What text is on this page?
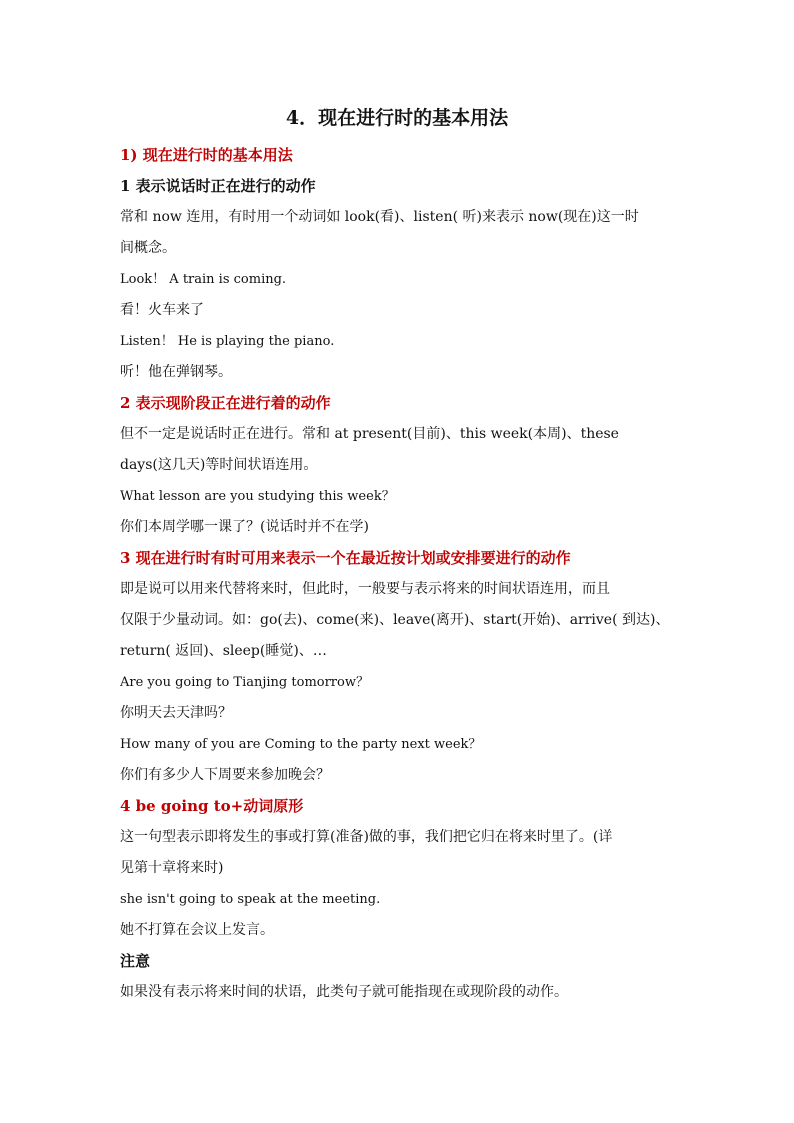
4．现在进行时的基本用法
1) 现在进行时的基本用法
1 表示说话时正在进行的动作
常和 now 连用，有时用一个动词如 look(看)、listen( 听)来表示 now(现在)这一时
间概念。
Look！ A train is coming.
看！火车来了
Listen！ He is playing the piano.
听！他在弹钢琴。
2 表示现阶段正在进行着的动作
但不一定是说话时正在进行。常和 at present(目前)、this week(本周)、these
days(这几天)等时间状语连用。
What lesson are you studying this week？
你们本周学哪一课了？(说话时并不在学)
3 现在进行时有时可用来表示一个在最近按计划或安排要进行的动作
即是说可以用来代替将来时，但此时，一般要与表示将来的时间状语连用，而且
仅限于少量动词。如：go(去)、come(来)、leave(离开)、start(开始)、arrive( 到达)、
return( 返回)、sleep(睡觉)、…
Are you going to Tianjing tomorrow？
你明天去天津吗？
How many of you are Coming to the party next week？
你们有多少人下周要来参加晚会？
4 be going to+动词原形
这一句型表示即将发生的事或打算(准备)做的事，我们把它归在将来时里了。(详
见第十章将来时)
she isn't going to speak at the meeting.
她不打算在会议上发言。
注意
如果没有表示将来时间的状语，此类句子就可能指现在或现阶段的动作。
